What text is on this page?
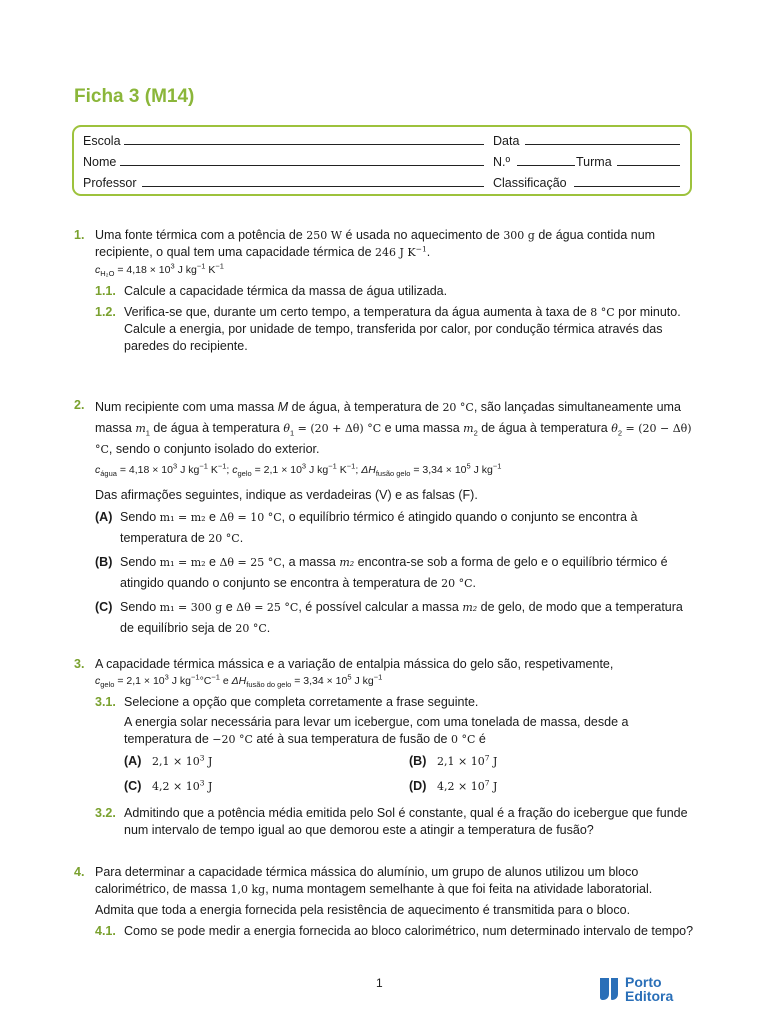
Ficha 3 (M14)
Escola	Data
Nome	N.º	Turma
Professor	Classificação
1. Uma fonte térmica com a potência de 250 W é usada no aquecimento de 300 g de água contida num recipiente, o qual tem uma capacidade térmica de 246 J $K^{-1}$.

$c_{H_2O} = 4,18 \times 10^3$ J $kg^{-1}$ $K^{-1}$

1.1. Calcule a capacidade térmica da massa de água utilizada.

1.2. Verifica-se que, durante um certo tempo, a temperatura da água aumenta à taxa de 8 °C por minuto.

Calcule a energia, por unidade de tempo, transferida por calor, por condução térmica através das paredes do recipiente.

2. Num recipiente com uma massa M de água, à temperatura de 20 °C, são lançadas simultaneamente uma massa $m_1$ de água à temperatura $\theta_1 = (20 + \Delta\theta)$ °C e uma massa $m_2$ de água à temperatura $\theta_2 = (20 - \Delta\theta)$ °C, sendo o conjunto isolado do exterior.

$c_{água} = 4,18 \times 10^3$ J $kg^{-1}$ $K^{-1}$; $c_{gelo} = 2,1 \times 10^3$ J $kg^{-1}$ $K^{-1}$; $\Delta H_{fusão gelo} = 3,34 \times 10^5$ J $kg^{-1}$

Das afirmações seguintes, indique as verdadeiras (V) e as falsas (F).

(A) Sendo m₁ = m₂ e Δθ = 10 °C, o equilíbrio térmico é atingido quando o conjunto se encontra à temperatura de 20 °C.

(B) Sendo m₁ = m₂ e Δθ = 25 °C, a massa m₂ encontra-se sob a forma de gelo e o equilíbrio térmico é atingido quando o conjunto se encontra à temperatura de 20 °C.

(C) Sendo m₁ = 300 g e Δθ = 25 °C, é possível calcular a massa m₂ de gelo, de modo que a temperatura de equilíbrio seja de 20 °C.

3. A capacidade térmica mássica e a variação de entalpia mássica do gelo são, respetivamente,

$c_{gelo} = 2,1 \times 10^3$ J $kg^{-1}^\circ C^{-1}$ e $\Delta H_{fusão do gelo} = 3,34 \times 10^5$ J $kg^{-1}$

3.1. Selecione a opção que completa corretamente a frase seguinte.

A energia solar necessária para levar um icebergue, com uma tonelada de massa, desde a temperatura de −20 °C até à sua temperatura de fusão de 0 °C é

(A) $2,1 \times 10^3$ J	(B) $2,1 \times 10^7$ J
(C) $4,2 \times 10^3$ J	(D) $4,2 \times 10^7$ J
3.2. Admitindo que a potência média emitida pelo Sol é constante, qual é a fração do icebergue que funde num intervalo de tempo igual ao que demorou este a atingir a temperatura de fusão?

4. Para determinar a capacidade térmica mássica do alumínio, um grupo de alunos utilizou um bloco calorimétrico, de massa 1,0 kg, numa montagem semelhante à que foi feita na atividade laboratorial.

Admita que toda a energia fornecida pela resistência de aquecimento é transmitida para o bloco.

4.1. Como se pode medir a energia fornecida ao bloco calorimétrico, num determinado intervalo de tempo?

1	Porto
Editora
